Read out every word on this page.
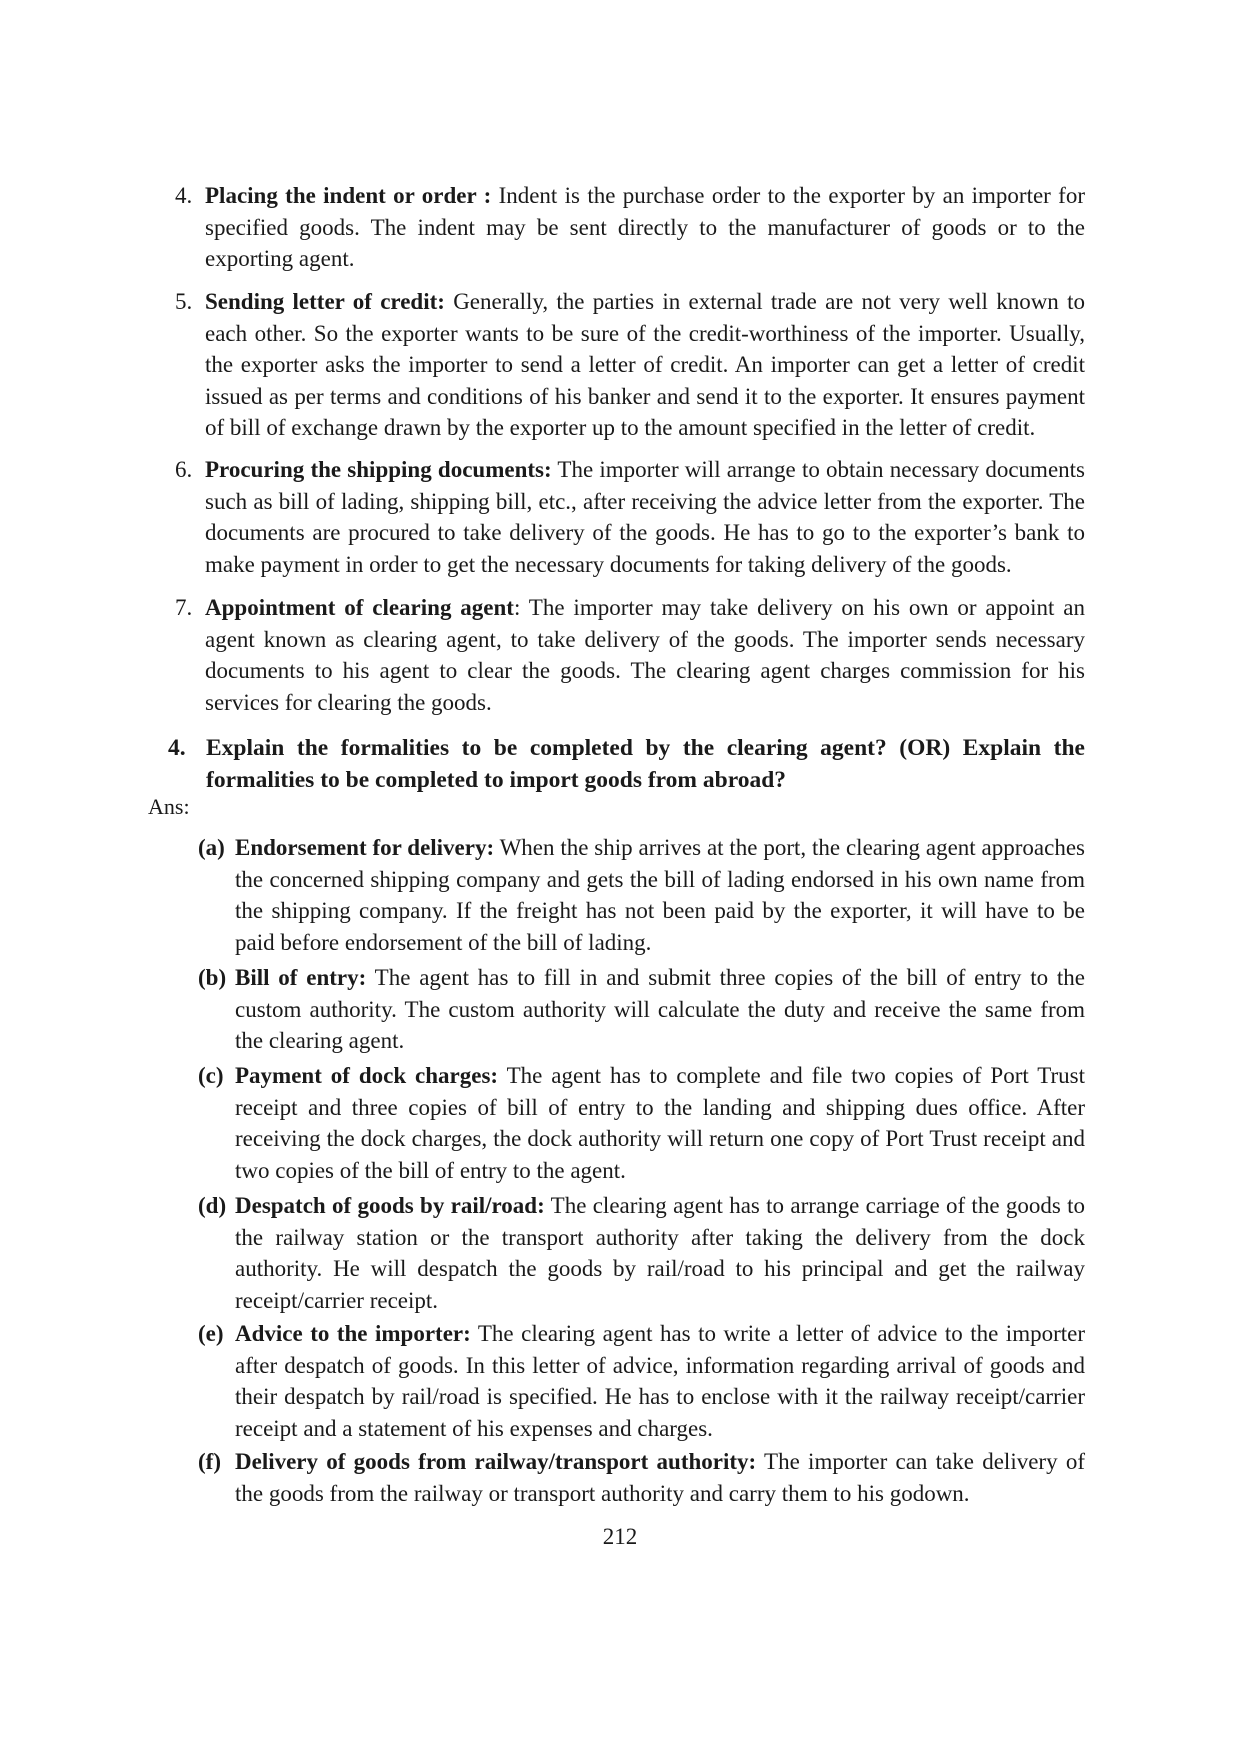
4. Placing the indent or order : Indent is the purchase order to the exporter by an importer for specified goods. The indent may be sent directly to the manufacturer of goods or to the exporting agent.
5. Sending letter of credit: Generally, the parties in external trade are not very well known to each other. So the exporter wants to be sure of the credit-worthiness of the importer. Usually, the exporter asks the importer to send a letter of credit. An importer can get a letter of credit issued as per terms and conditions of his banker and send it to the exporter. It ensures payment of bill of exchange drawn by the exporter up to the amount specified in the letter of credit.
6. Procuring the shipping documents: The importer will arrange to obtain necessary documents such as bill of lading, shipping bill, etc., after receiving the advice letter from the exporter. The documents are procured to take delivery of the goods. He has to go to the exporter’s bank to make payment in order to get the necessary documents for taking delivery of the goods.
7. Appointment of clearing agent: The importer may take delivery on his own or appoint an agent known as clearing agent, to take delivery of the goods. The importer sends necessary documents to his agent to clear the goods. The clearing agent charges commission for his services for clearing the goods.
4. Explain the formalities to be completed by the clearing agent? (OR) Explain the formalities to be completed to import goods from abroad?
Ans:
(a) Endorsement for delivery: When the ship arrives at the port, the clearing agent approaches the concerned shipping company and gets the bill of lading endorsed in his own name from the shipping company. If the freight has not been paid by the exporter, it will have to be paid before endorsement of the bill of lading.
(b) Bill of entry: The agent has to fill in and submit three copies of the bill of entry to the custom authority. The custom authority will calculate the duty and receive the same from the clearing agent.
(c) Payment of dock charges: The agent has to complete and file two copies of Port Trust receipt and three copies of bill of entry to the landing and shipping dues office. After receiving the dock charges, the dock authority will return one copy of Port Trust receipt and two copies of the bill of entry to the agent.
(d) Despatch of goods by rail/road: The clearing agent has to arrange carriage of the goods to the railway station or the transport authority after taking the delivery from the dock authority. He will despatch the goods by rail/road to his principal and get the railway receipt/carrier receipt.
(e) Advice to the importer: The clearing agent has to write a letter of advice to the importer after despatch of goods. In this letter of advice, information regarding arrival of goods and their despatch by rail/road is specified. He has to enclose with it the railway receipt/carrier receipt and a statement of his expenses and charges.
(f) Delivery of goods from railway/transport authority: The importer can take delivery of the goods from the railway or transport authority and carry them to his godown.
212
